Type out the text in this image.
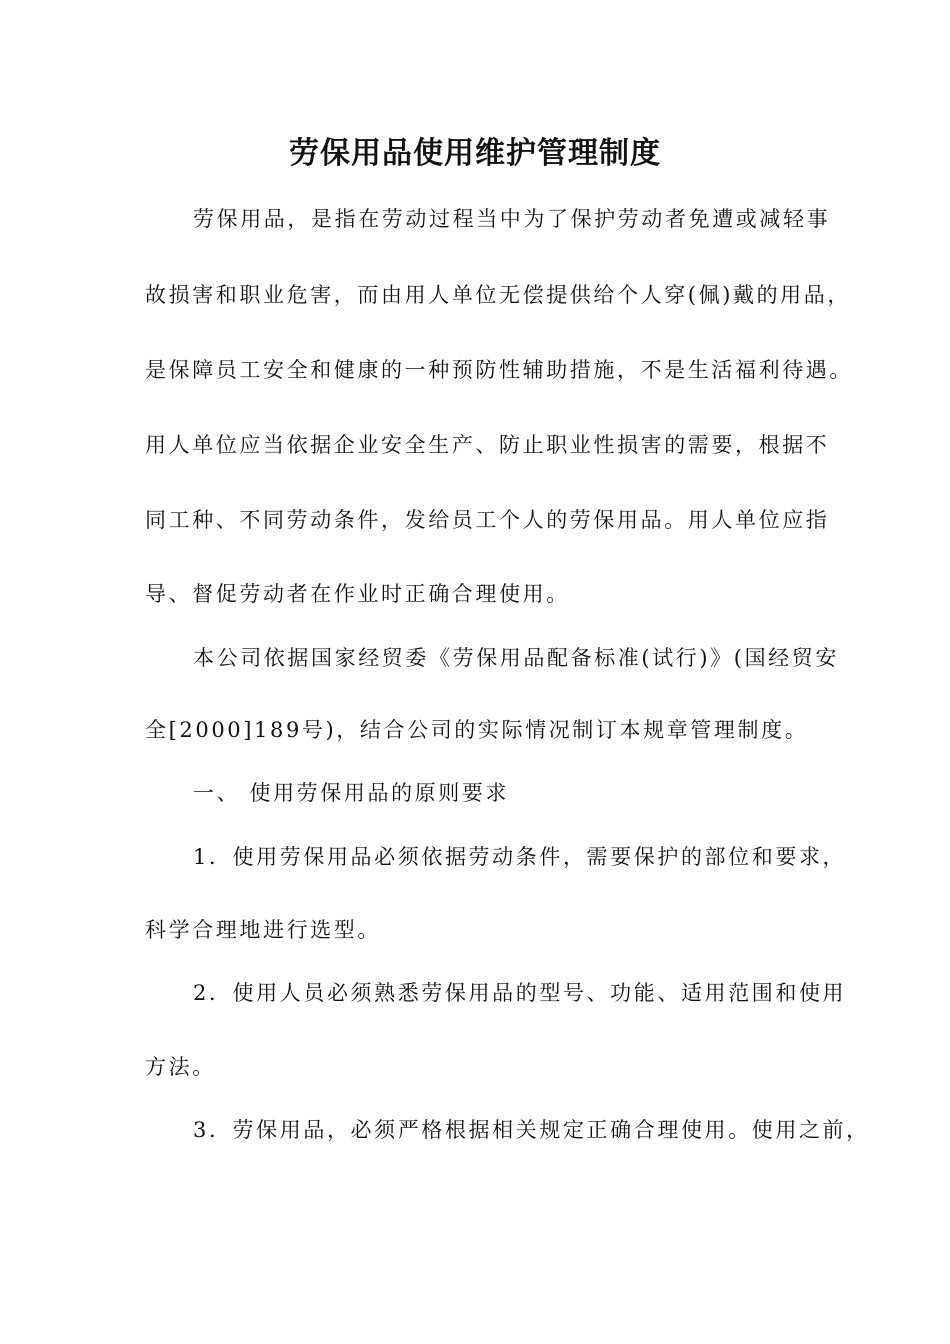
劳保用品使用维护管理制度
劳保用品，是指在劳动过程当中为了保护劳动者免遭或减轻事
故损害和职业危害，而由用人单位无偿提供给个人穿(佩)戴的用品，
是保障员工安全和健康的一种预防性辅助措施，不是生活福利待遇。
用人单位应当依据企业安全生产、防止职业性损害的需要，根据不
同工种、不同劳动条件，发给员工个人的劳保用品。用人单位应指
导、督促劳动者在作业时正确合理使用。
本公司依据国家经贸委《劳保用品配备标准(试行)》(国经贸安
全[2000]189号)，结合公司的实际情况制订本规章管理制度。
一、 使用劳保用品的原则要求
1．使用劳保用品必须依据劳动条件，需要保护的部位和要求，
科学合理地进行选型。
2．使用人员必须熟悉劳保用品的型号、功能、适用范围和使用
方法。
3．劳保用品，必须严格根据相关规定正确合理使用。使用之前，
